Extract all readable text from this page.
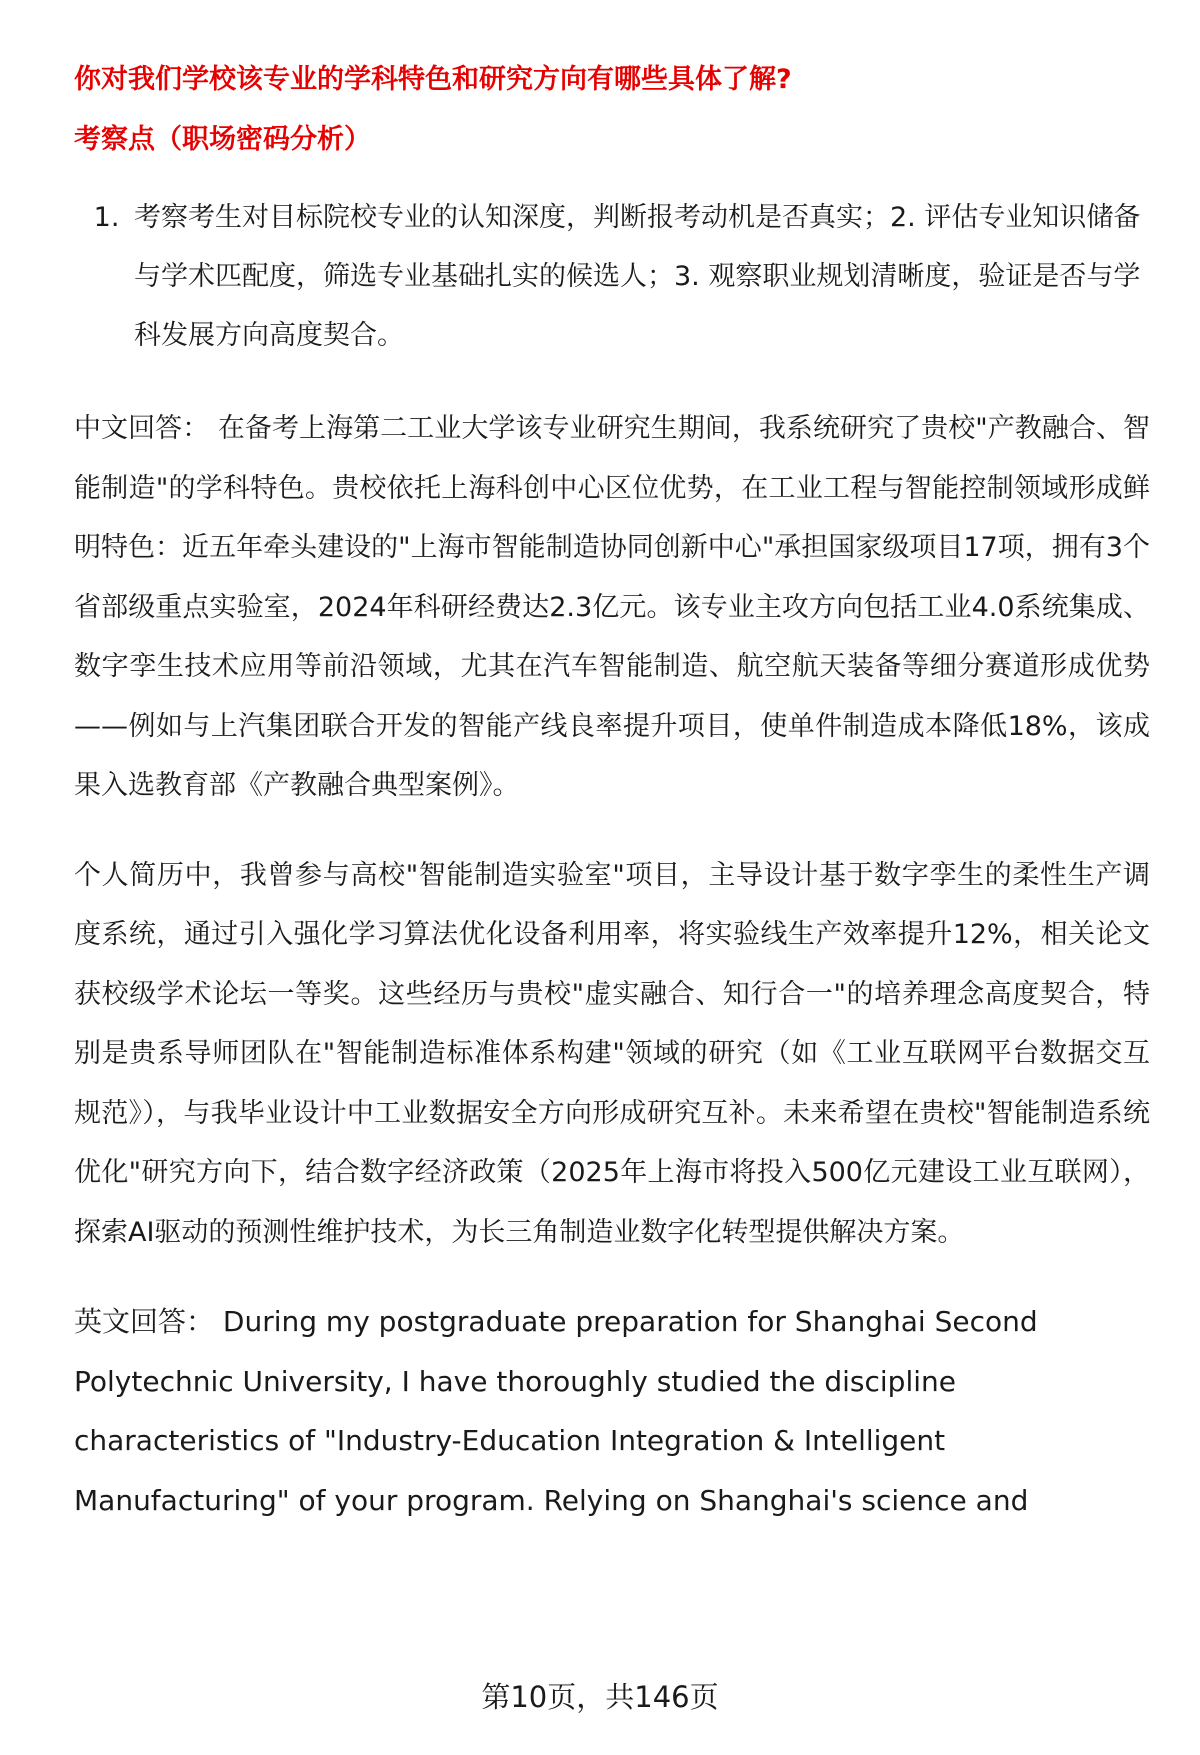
你对我们学校该专业的学科特色和研究方向有哪些具体了解?
考察点（职场密码分析）
1. 考察考生对目标院校专业的认知深度，判断报考动机是否真实；2. 评估专业知识储备与学术匹配度，筛选专业基础扎实的候选人；3. 观察职业规划清晰度，验证是否与学科发展方向高度契合。

中文回答： 在备考上海第二工业大学该专业研究生期间，我系统研究了贵校"产教融合、智能制造"的学科特色。贵校依托上海科创中心区位优势，在工业工程与智能控制领域形成鲜明特色：近五年牵头建设的"上海市智能制造协同创新中心"承担国家级项目17项，拥有3个省部级重点实验室，2024年科研经费达2.3亿元。该专业主攻方向包括工业4.0系统集成、数字孪生技术应用等前沿领域，尤其在汽车智能制造、航空航天装备等细分赛道形成优势——例如与上汽集团联合开发的智能产线良率提升项目，使单件制造成本降低18%，该成果入选教育部《产教融合典型案例》。

个人简历中，我曾参与高校"智能制造实验室"项目，主导设计基于数字孪生的柔性生产调度系统，通过引入强化学习算法优化设备利用率，将实验线生产效率提升12%，相关论文获校级学术论坛一等奖。这些经历与贵校"虚实融合、知行合一"的培养理念高度契合，特别是贵系导师团队在"智能制造标准体系构建"领域的研究（如《工业互联网平台数据交互规范》），与我毕业设计中工业数据安全方向形成研究互补。未来希望在贵校"智能制造系统优化"研究方向下，结合数字经济政策（2025年上海市将投入500亿元建设工业互联网），探索AI驱动的预测性维护技术，为长三角制造业数字化转型提供解决方案。

英文回答： During my postgraduate preparation for Shanghai Second Polytechnic University, I have thoroughly studied the discipline characteristics of "Industry-Education Integration & Intelligent Manufacturing" of your program. Relying on Shanghai's science and

第10页，共146页
